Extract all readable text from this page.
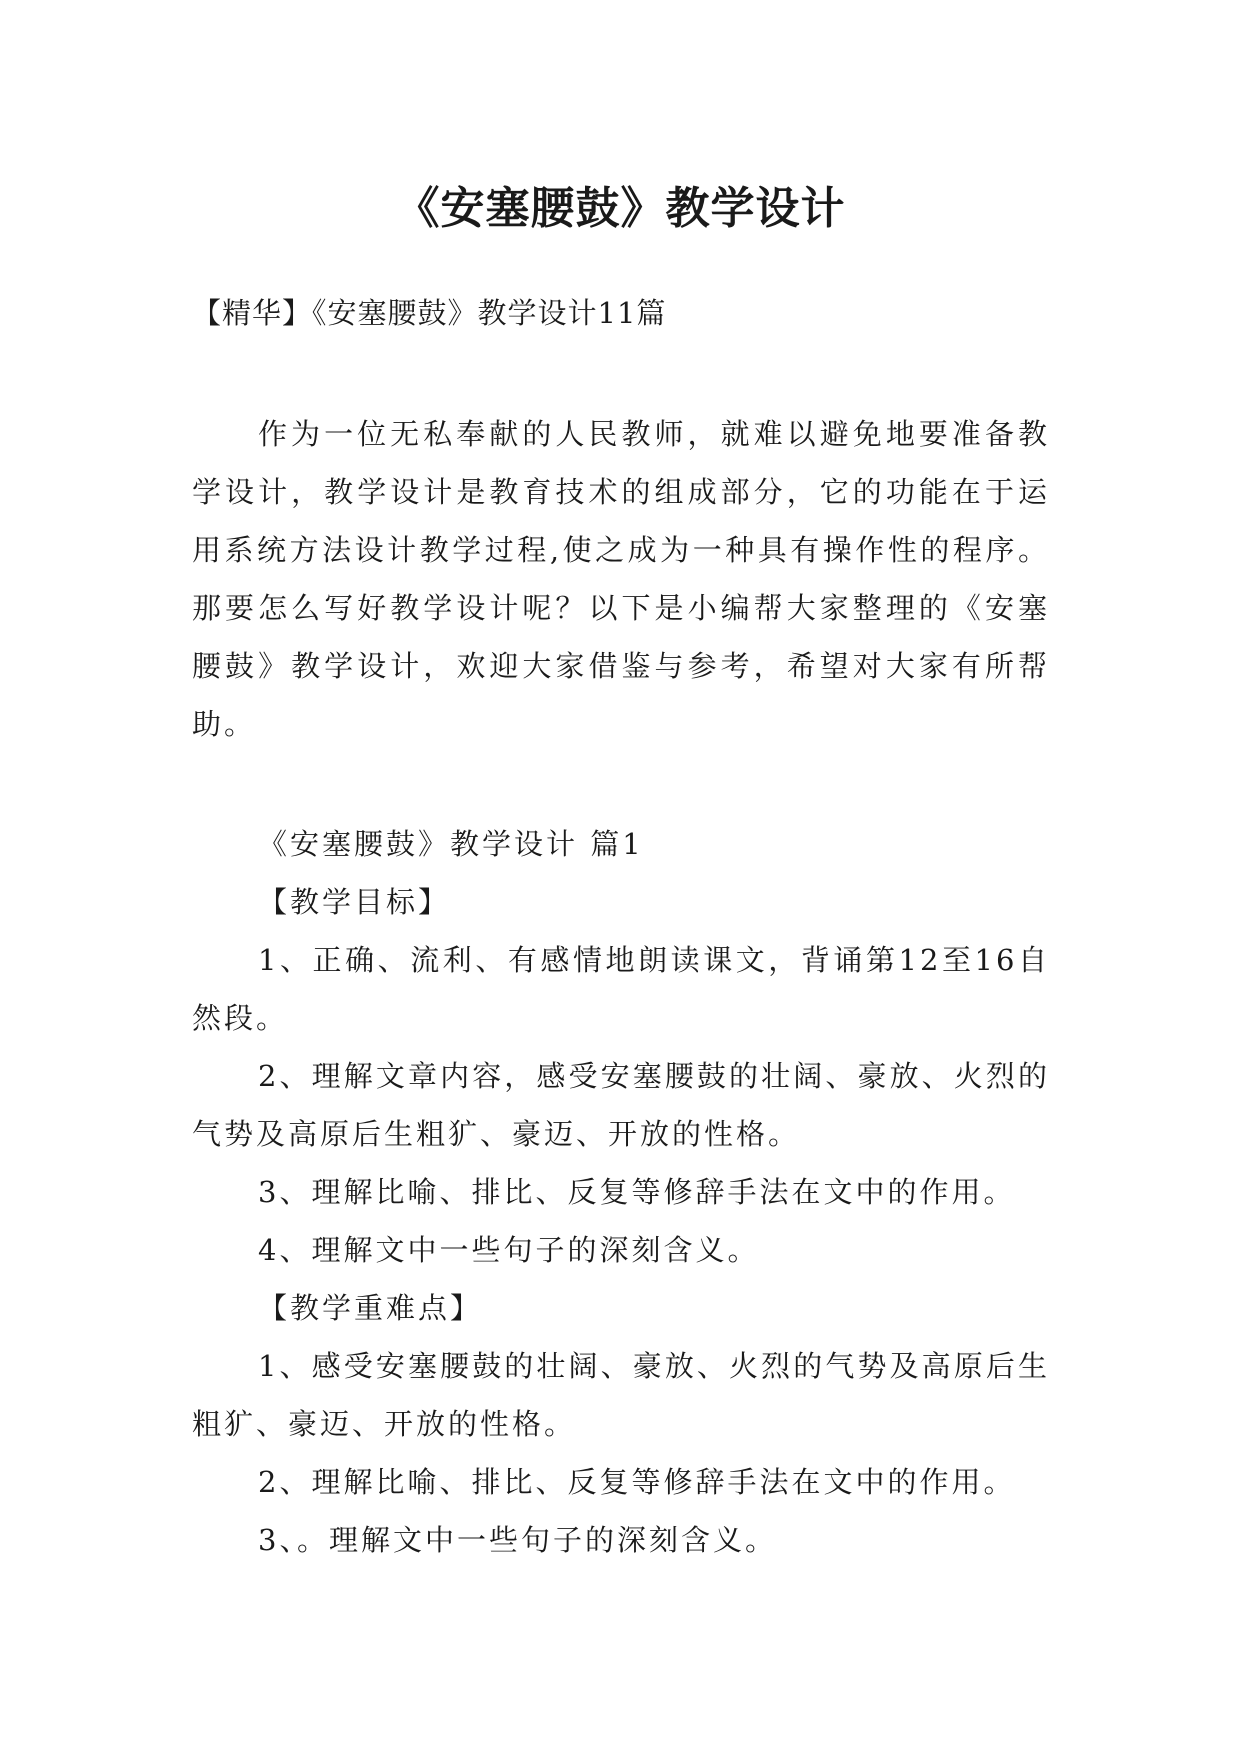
《安塞腰鼓》教学设计
【精华】《安塞腰鼓》教学设计11篇

作为一位无私奉献的人民教师，就难以避免地要准备教学设计，教学设计是教育技术的组成部分，它的功能在于运用系统方法设计教学过程,使之成为一种具有操作性的程序。那要怎么写好教学设计呢？以下是小编帮大家整理的《安塞腰鼓》教学设计，欢迎大家借鉴与参考，希望对大家有所帮助。

《安塞腰鼓》教学设计 篇1

【教学目标】

1、正确、流利、有感情地朗读课文，背诵第12至16自然段。

2、理解文章内容，感受安塞腰鼓的壮阔、豪放、火烈的气势及高原后生粗犷、豪迈、开放的性格。

3、理解比喻、排比、反复等修辞手法在文中的作用。

4、理解文中一些句子的深刻含义。

【教学重难点】

1、感受安塞腰鼓的壮阔、豪放、火烈的气势及高原后生粗犷、豪迈、开放的性格。

2、理解比喻、排比、反复等修辞手法在文中的作用。

3、。理解文中一些句子的深刻含义。
